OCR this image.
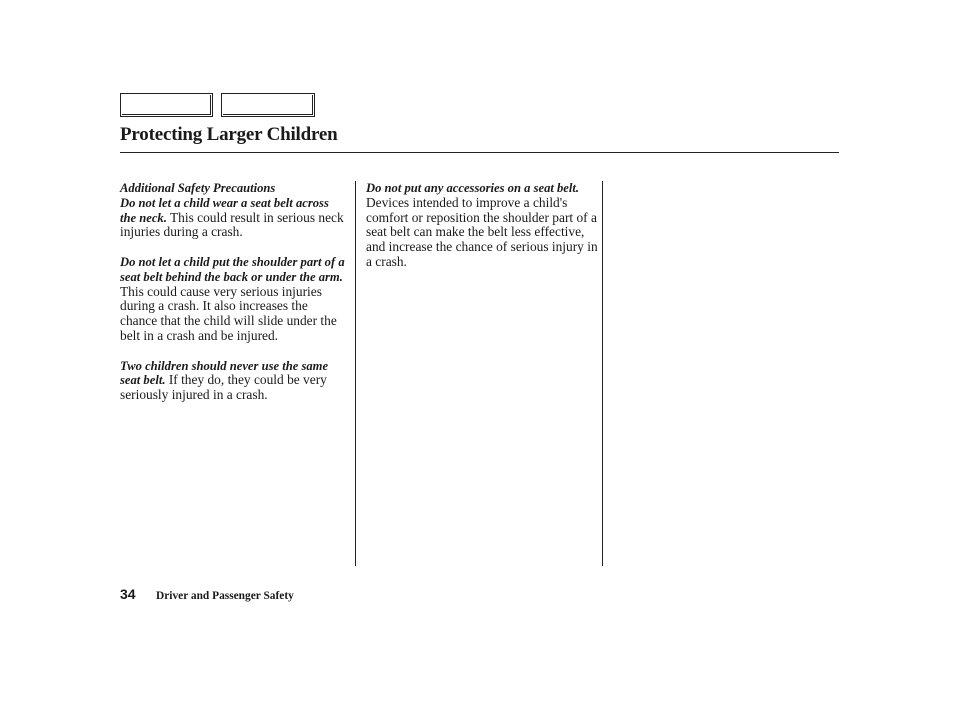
Protecting Larger Children
Additional Safety Precautions

Do not let a child wear a seat belt across the neck. This could result in serious neck injuries during a crash.

Do not let a child put the shoulder part of a seat belt behind the back or under the arm. This could cause very serious injuries during a crash. It also increases the chance that the child will slide under the belt in a crash and be injured.

Two children should never use the same seat belt. If they do, they could be very seriously injured in a crash.

Do not put any accessories on a seat belt. Devices intended to improve a child's comfort or reposition the shoulder part of a seat belt can make the belt less effective, and increase the chance of serious injury in a crash.

34 Driver and Passenger Safety
